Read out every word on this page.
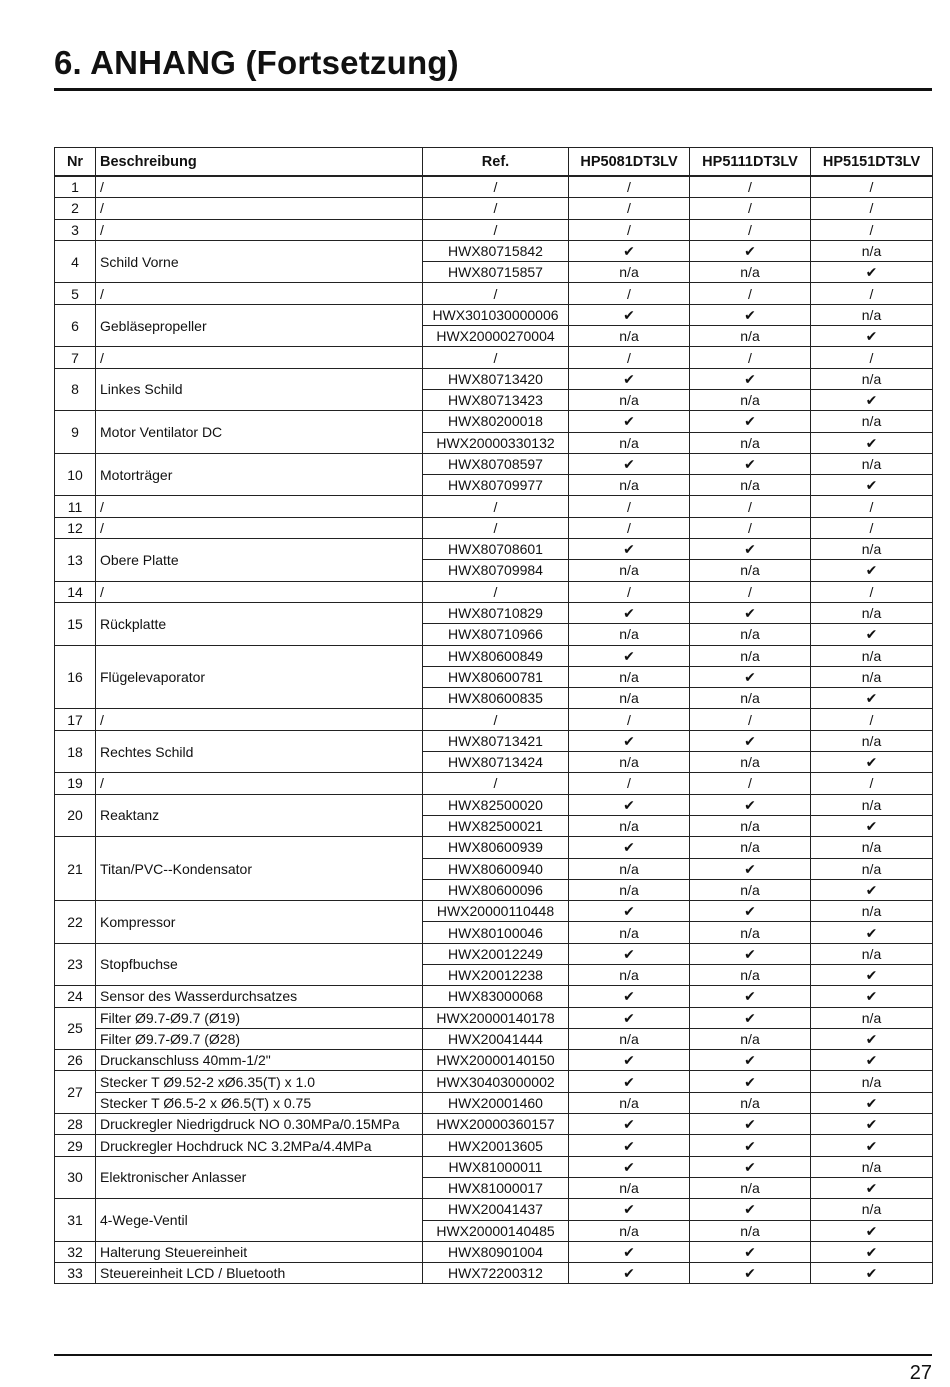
6. ANHANG (Fortsetzung)
Nr	Beschreibung	Ref.	HP5081DT3LV	HP5111DT3LV	HP5151DT3LV
1	/	/	/	/	/
2	/	/	/	/	/
3	/	/	/	/	/
4	Schild Vorne	HWX80715842	✔	✔	n/a
		HWX80715857	n/a	n/a	✔
5	/	/	/	/	/
6	Gebläsepropeller	HWX301030000006	✔	✔	n/a
		HWX20000270004	n/a	n/a	✔
7	/	/	/	/	/
8	Linkes Schild	HWX80713420	✔	✔	n/a
		HWX80713423	n/a	n/a	✔
9	Motor Ventilator DC	HWX80200018	✔	✔	n/a
		HWX20000330132	n/a	n/a	✔
10	Motorträger	HWX80708597	✔	✔	n/a
		HWX80709977	n/a	n/a	✔
11	/	/	/	/	/
12	/	/	/	/	/
13	Obere Platte	HWX80708601	✔	✔	n/a
		HWX80709984	n/a	n/a	✔
14	/	/	/	/	/
15	Rückplatte	HWX80710829	✔	✔	n/a
		HWX80710966	n/a	n/a	✔
16	Flügelevaporator	HWX80600849	✔	n/a	n/a
		HWX80600781	n/a	✔	n/a
		HWX80600835	n/a	n/a	✔
17	/	/	/	/	/
18	Rechtes Schild	HWX80713421	✔	✔	n/a
		HWX80713424	n/a	n/a	✔
19	/	/	/	/	/
20	Reaktanz	HWX82500020	✔	✔	n/a
		HWX82500021	n/a	n/a	✔
21	Titan/PVC--Kondensator	HWX80600939	✔	n/a	n/a
		HWX80600940	n/a	✔	n/a
		HWX80600096	n/a	n/a	✔
22	Kompressor	HWX20000110448	✔	✔	n/a
		HWX80100046	n/a	n/a	✔
23	Stopfbuchse	HWX20012249	✔	✔	n/a
		HWX20012238	n/a	n/a	✔
24	Sensor des Wasserdurchsatzes	HWX83000068	✔	✔	✔
25	Filter Ø9.7-Ø9.7 (Ø19)	HWX20000140178	✔	✔	n/a
	Filter Ø9.7-Ø9.7 (Ø28)	HWX20041444	n/a	n/a	✔
26	Druckanschluss 40mm-1/2"	HWX20000140150	✔	✔	✔
27	Stecker T Ø9.52-2 xØ6.35(T) x 1.0	HWX30403000002	✔	✔	n/a
	Stecker T Ø6.5-2 x Ø6.5(T) x 0.75	HWX20001460	n/a	n/a	✔
28	Druckregler Niedrigdruck NO 0.30MPa/0.15MPa	HWX20000360157	✔	✔	✔
29	Druckregler Hochdruck NC 3.2MPa/4.4MPa	HWX20013605	✔	✔	✔
30	Elektronischer Anlasser	HWX81000011	✔	✔	n/a
		HWX81000017	n/a	n/a	✔
31	4-Wege-Ventil	HWX20041437	✔	✔	n/a
		HWX20000140485	n/a	n/a	✔
32	Halterung Steuereinheit	HWX80901004	✔	✔	✔
33	Steuereinheit LCD / Bluetooth	HWX72200312	✔	✔	✔
27
